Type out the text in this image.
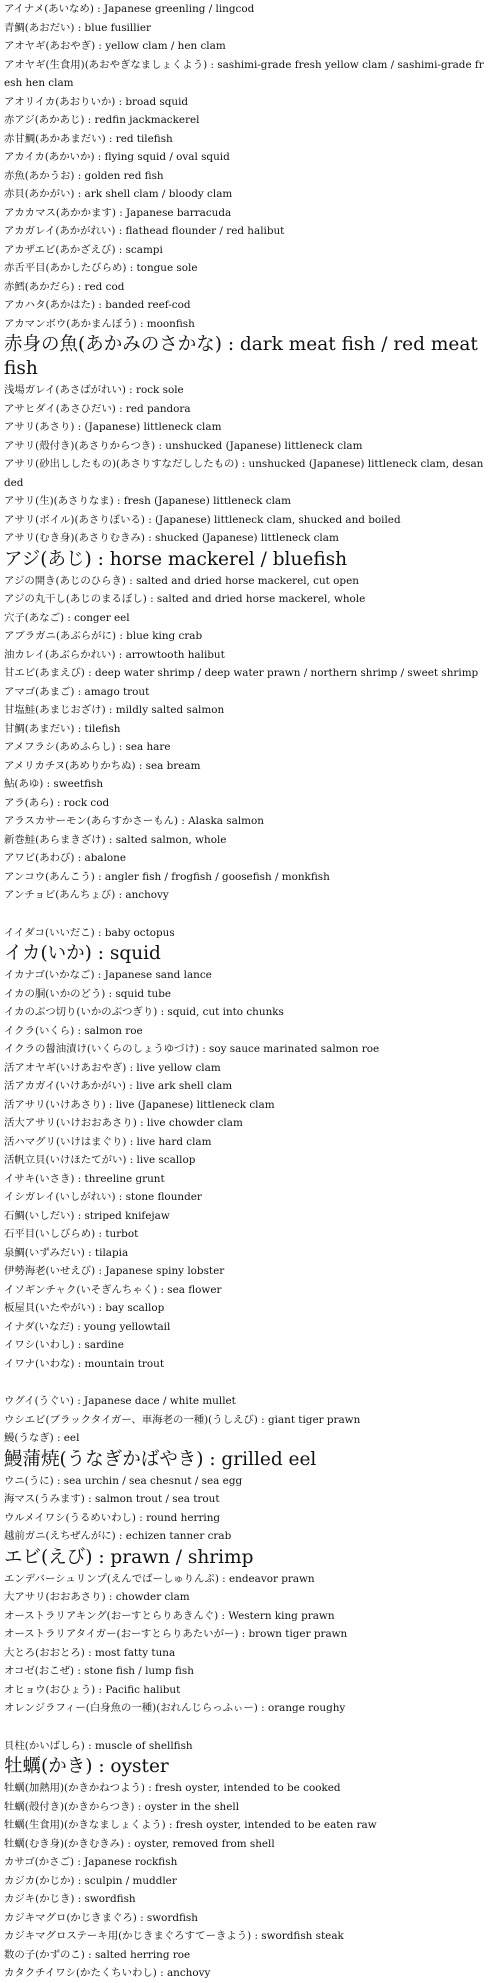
アイナメ(あいなめ) : Japanese greenling / lingcod
青鯛(あおだい) : blue fusillier
アオヤギ(あおやぎ) : yellow clam / hen clam
アオヤギ(生食用)(あおやぎなましょくよう) : sashimi-grade fresh yellow clam / sashimi-grade fresh hen clam
アオリイカ(あおりいか) : broad squid
赤アジ(あかあじ) : redfin jackmackerel
赤甘鯛(あかあまだい) : red tilefish
アカイカ(あかいか) : flying squid / oval squid
赤魚(あかうお) : golden red fish
赤貝(あかがい) : ark shell clam / bloody clam
アカカマス(あかかます) : Japanese barracuda
アカガレイ(あかがれい) : flathead flounder / red halibut
アカザエビ(あかざえび) : scampi
赤舌平目(あかしたびらめ) : tongue sole
赤鱈(あかだら) : red cod
アカハタ(あかはた) : banded reef-cod
アカマンボウ(あかまんぼう) : moonfish
赤身の魚(あかみのさかな) : dark meat fish / red meat fish
浅場ガレイ(あさばがれい) : rock sole
アサヒダイ(あさひだい) : red pandora
アサリ(あさり) : (Japanese) littleneck clam
アサリ(殻付き)(あさりからつき) : unshucked (Japanese) littleneck clam
アサリ(砂出ししたもの)(あさりすなだししたもの) : unshucked (Japanese) littleneck clam, desanded
アサリ(生)(あさりなま) : fresh (Japanese) littleneck clam
アサリ(ボイル)(あさりぼいる) : (Japanese) littleneck clam, shucked and boiled
アサリ(むき身)(あさりむきみ) : shucked (Japanese) littleneck clam
アジ(あじ) : horse mackerel / bluefish
アジの開き(あじのひらき) : salted and dried horse mackerel, cut open
アジの丸干し(あじのまるぼし) : salted and dried horse mackerel, whole
穴子(あなご) : conger eel
アブラガニ(あぶらがに) : blue king crab
油カレイ(あぶらかれい) : arrowtooth halibut
甘エビ(あまえび) : deep water shrimp / deep water prawn / northern shrimp / sweet shrimp
アマゴ(あまご) : amago trout
甘塩鮭(あまじおざけ) : mildly salted salmon
甘鯛(あまだい) : tilefish
アメフラシ(あめふらし) : sea hare
アメリカチヌ(あめりかちぬ) : sea bream
鮎(あゆ) : sweetfish
アラ(あら) : rock cod
アラスカサーモン(あらすかさーもん) : Alaska salmon
新巻鮭(あらまきざけ) : salted salmon, whole
アワビ(あわび) : abalone
アンコウ(あんこう) : angler fish / frogfish / goosefish / monkfish
アンチョビ(あんちょび) : anchovy
イイダコ(いいだこ) : baby octopus
イカ(いか) : squid
イカナゴ(いかなご) : Japanese sand lance
イカの胴(いかのどう) : squid tube
イカのぶつ切り(いかのぶつぎり) : squid, cut into chunks
イクラ(いくら) : salmon roe
イクラの醤油漬け(いくらのしょうゆづけ) : soy sauce marinated salmon roe
活アオヤギ(いけあおやぎ) : live yellow clam
活アカガイ(いけあかがい) : live ark shell clam
活アサリ(いけあさり) : live (Japanese) littleneck clam
活大アサリ(いけおおあさり) : live chowder clam
活ハマグリ(いけはまぐり) : live hard clam
活帆立貝(いけほたてがい) : live scallop
イサキ(いさき) : threeline grunt
イシガレイ(いしがれい) : stone flounder
石鯛(いしだい) : striped knifejaw
石平目(いしびらめ) : turbot
泉鯛(いずみだい) : tilapia
伊勢海老(いせえび) : Japanese spiny lobster
イソギンチャク(いそぎんちゃく) : sea flower
板屋貝(いたやがい) : bay scallop
イナダ(いなだ) : young yellowtail
イワシ(いわし) : sardine
イワナ(いわな) : mountain trout
ウグイ(うぐい) : Japanese dace / white mullet
ウシエビ(ブラックタイガー、車海老の一種)(うしえび) : giant tiger prawn
鰻(うなぎ) : eel
鰻蒲焼(うなぎかばやき) : grilled eel
ウニ(うに) : sea urchin / sea chesnut / sea egg
海マス(うみます) : salmon trout / sea trout
ウルメイワシ(うるめいわし) : round herring
越前ガニ(えちぜんがに) : echizen tanner crab
エビ(えび) : prawn / shrimp
エンデバーシュリンプ(えんでばーしゅりんぷ) : endeavor prawn
大アサリ(おおあさり) : chowder clam
オーストラリアキング(おーすとらりあきんぐ) : Western king prawn
オーストラリアタイガー(おーすとらりあたいがー) : brown tiger prawn
大とろ(おおとろ) : most fatty tuna
オコゼ(おこぜ) : stone fish / lump fish
オヒョウ(おひょう) : Pacific halibut
オレンジラフィー(白身魚の一種)(おれんじらっふぃー) : orange roughy
貝柱(かいばしら) : muscle of shellfish
牡蠣(かき) : oyster
牡蠣(加熱用)(かきかねつよう) : fresh oyster, intended to be cooked
牡蠣(殻付き)(かきからつき) : oyster in the shell
牡蠣(生食用)(かきなましょくよう) : fresh oyster, intended to be eaten raw
牡蠣(むき身)(かきむきみ) : oyster, removed from shell
カサゴ(かさご) : Japanese rockfish
カジカ(かじか) : sculpin / muddler
カジキ(かじき) : swordfish
カジキマグロ(かじきまぐろ) : swordfish
カジキマグロステーキ用(かじきまぐろすてーきよう) : swordfish steak
数の子(かずのこ) : salted herring roe
カタクチイワシ(かたくちいわし) : anchovy
